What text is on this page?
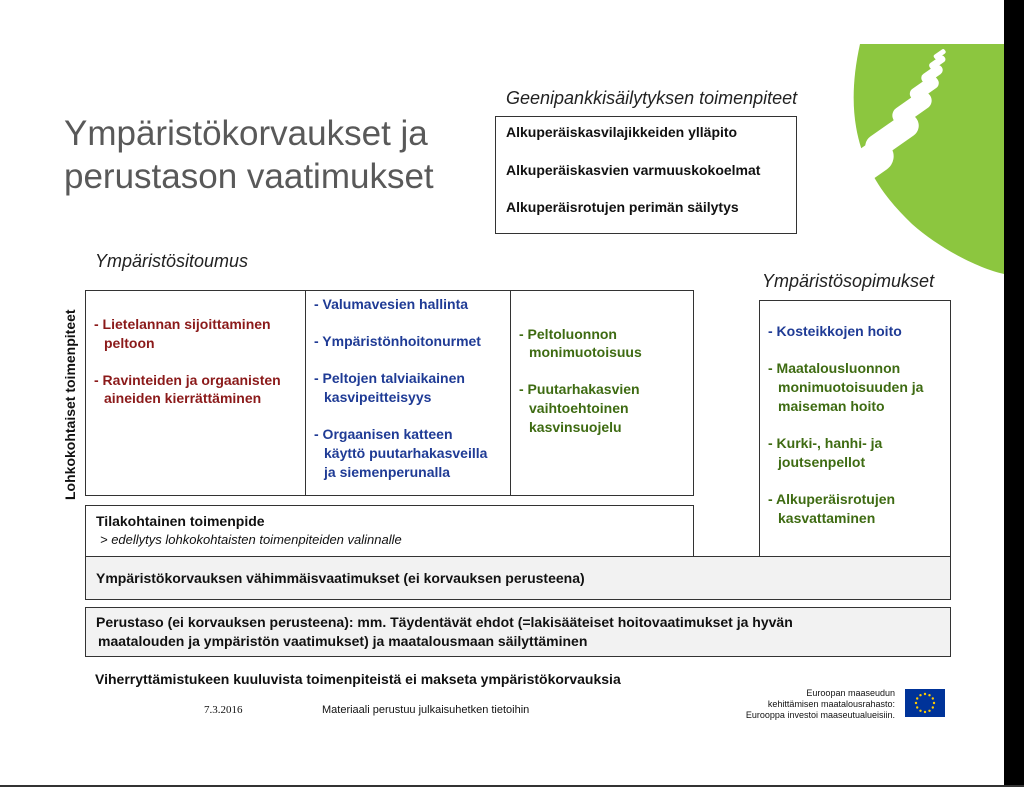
Ympäristökorvaukset ja
perustason vaatimukset
Geenipankkisäilytyksen toimenpiteet
Alkuperäiskasvilajikkeiden ylläpito
Alkuperäiskasvien varmuuskokoelmat
Alkuperäisrotujen perimän säilytys
Ympäristösitoumus
Lohkokohtaiset toimenpiteet - Lietelannan sijoittaminen
peltoon
- Ravinteiden ja orgaanisten
aineiden kierrättäminen
- Valumavesien hallinta
- Ympäristönhoitonurmet
- Peltojen talviaikainen
kasvipeitteisyys
- Orgaanisen katteen
käyttö puutarhakasveilla
ja siemenperunalla
- Peltoluonnon
monimuotoisuus
- Puutarhakasvien
vaihtoehtoinen
kasvinsuojelu
Tilakohtainen toimenpide
> edellytys lohkokohtaisten toimenpiteiden valinnalle
Ympäristösopimukset
- Kosteikkojen hoito
- Maatalousluonnon
monimuotoisuuden ja
maiseman hoito
- Kurki-, hanhi- ja
joutsenpellot
- Alkuperäisrotujen
kasvattaminen
Ympäristökorvauksen vähimmäisvaatimukset (ei korvauksen perusteena)
Perustaso (ei korvauksen perusteena): mm. Täydentävät ehdot (=lakisääteiset hoitovaatimukset ja hyvän
maatalouden ja ympäristön vaatimukset) ja maatalousmaan säilyttäminen
Viherryttämistukeen kuuluvista toimenpiteistä ei makseta ympäristökorvauksia
7.3.2016	Materiaali perustuu julkaisuhetken tietoihin
Euroopan maaseudun
kehittämisen maatalousrahasto:
Eurooppa investoi maaseutualueisiin.
